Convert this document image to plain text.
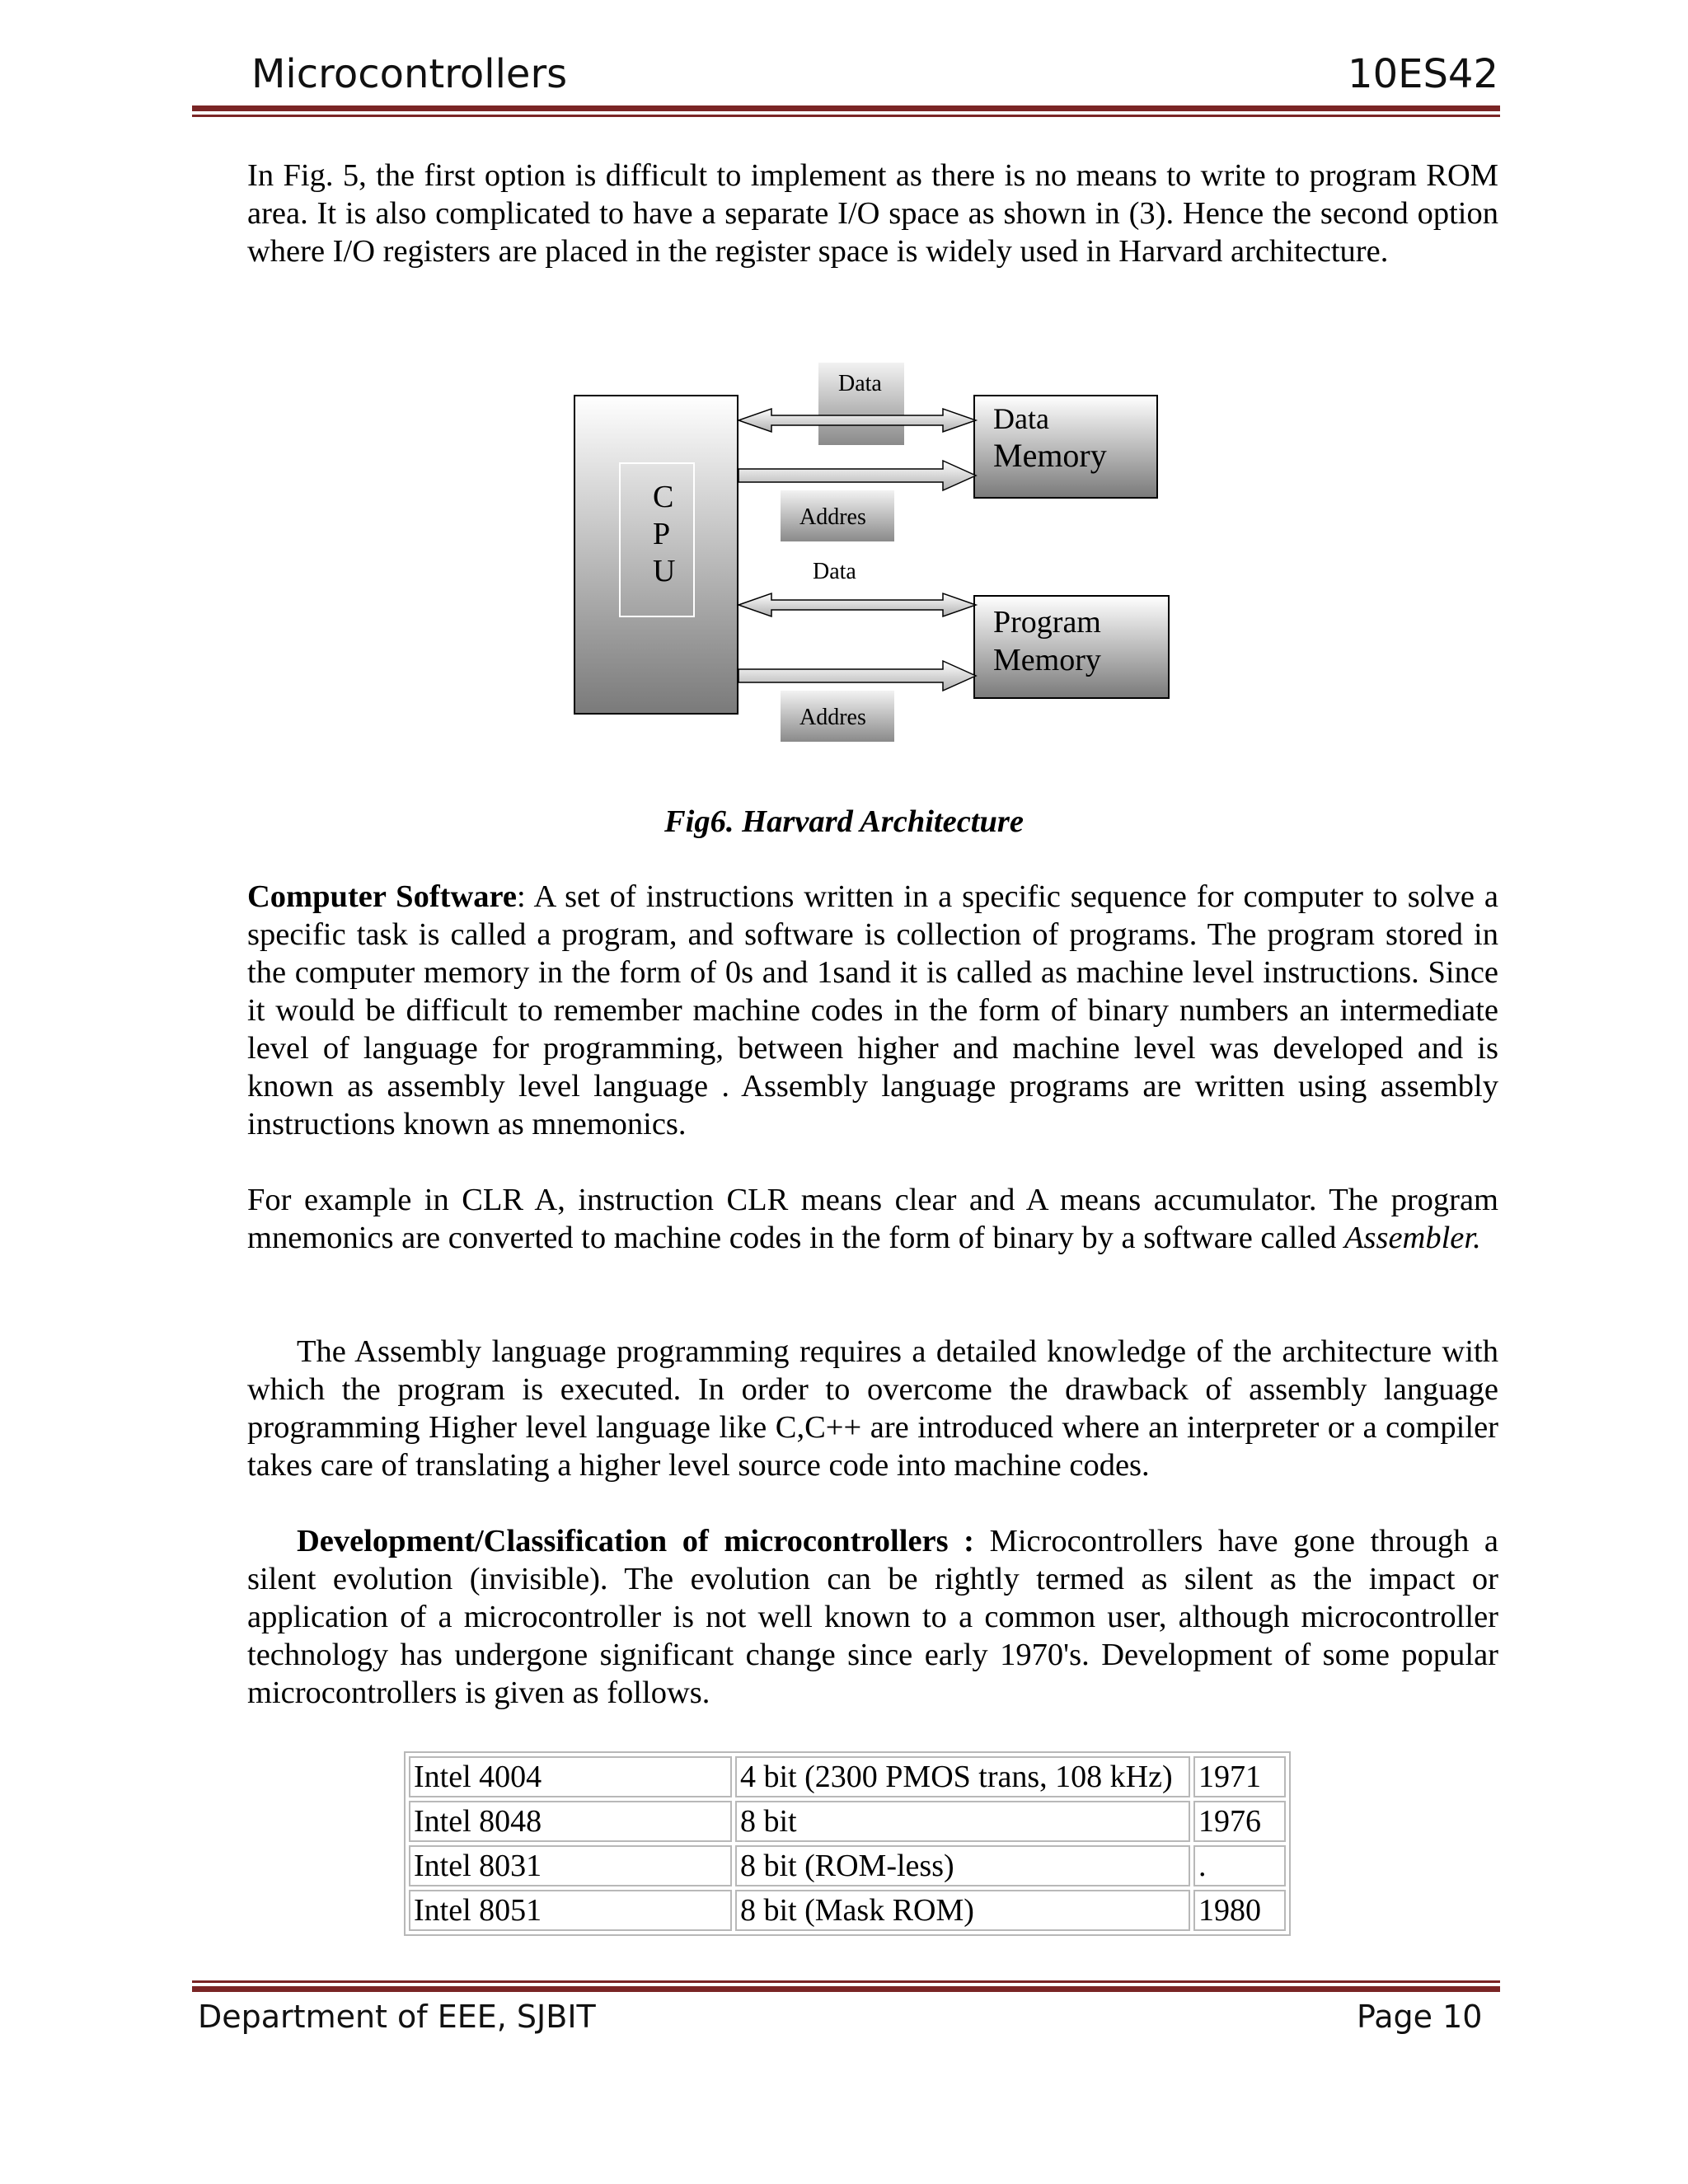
Microcontrollers	10ES42

In Fig. 5, the first option is difficult to implement as there is no means to write to program ROM area. It is also complicated to have a separate I/O space as shown in (3). Hence the second option where I/O registers are placed in the register space is widely used in Harvard architecture.

C
P
U
Data
Memory
Program
Memory
Data
Addres
Data
Addres
Fig6. Harvard Architecture

Computer Software: A set of instructions written in a specific sequence for computer to solve a specific task is called a program, and software is collection of programs. The program stored in the computer memory in the form of 0s and 1sand it is called as machine level instructions. Since it would be difficult to remember machine codes in the form of binary numbers an intermediate level of language for programming, between higher and machine level was developed and is known as assembly level language . Assembly language programs are written using assembly instructions known as mnemonics.

For example in CLR A, instruction CLR means clear and A means accumulator. The program mnemonics are converted to machine codes in the form of binary by a software called Assembler.

The Assembly language programming requires a detailed knowledge of the architecture with which the program is executed. In order to overcome the drawback of assembly language programming Higher level language like C,C++ are introduced where an interpreter or a compiler takes care of translating a higher level source code into machine codes.

Development/Classification of microcontrollers : Microcontrollers have gone through a silent evolution (invisible). The evolution can be rightly termed as silent as the impact or application of a microcontroller is not well known to a common user, although microcontroller technology has undergone significant change since early 1970's. Development of some popular microcontrollers is given as follows.

Intel 4004	4 bit (2300 PMOS trans, 108 kHz)	1971
Intel 8048	8 bit	1976
Intel 8031	8 bit (ROM-less)	.
Intel 8051	8 bit (Mask ROM)	1980
Department of EEE, SJBIT	Page 10
